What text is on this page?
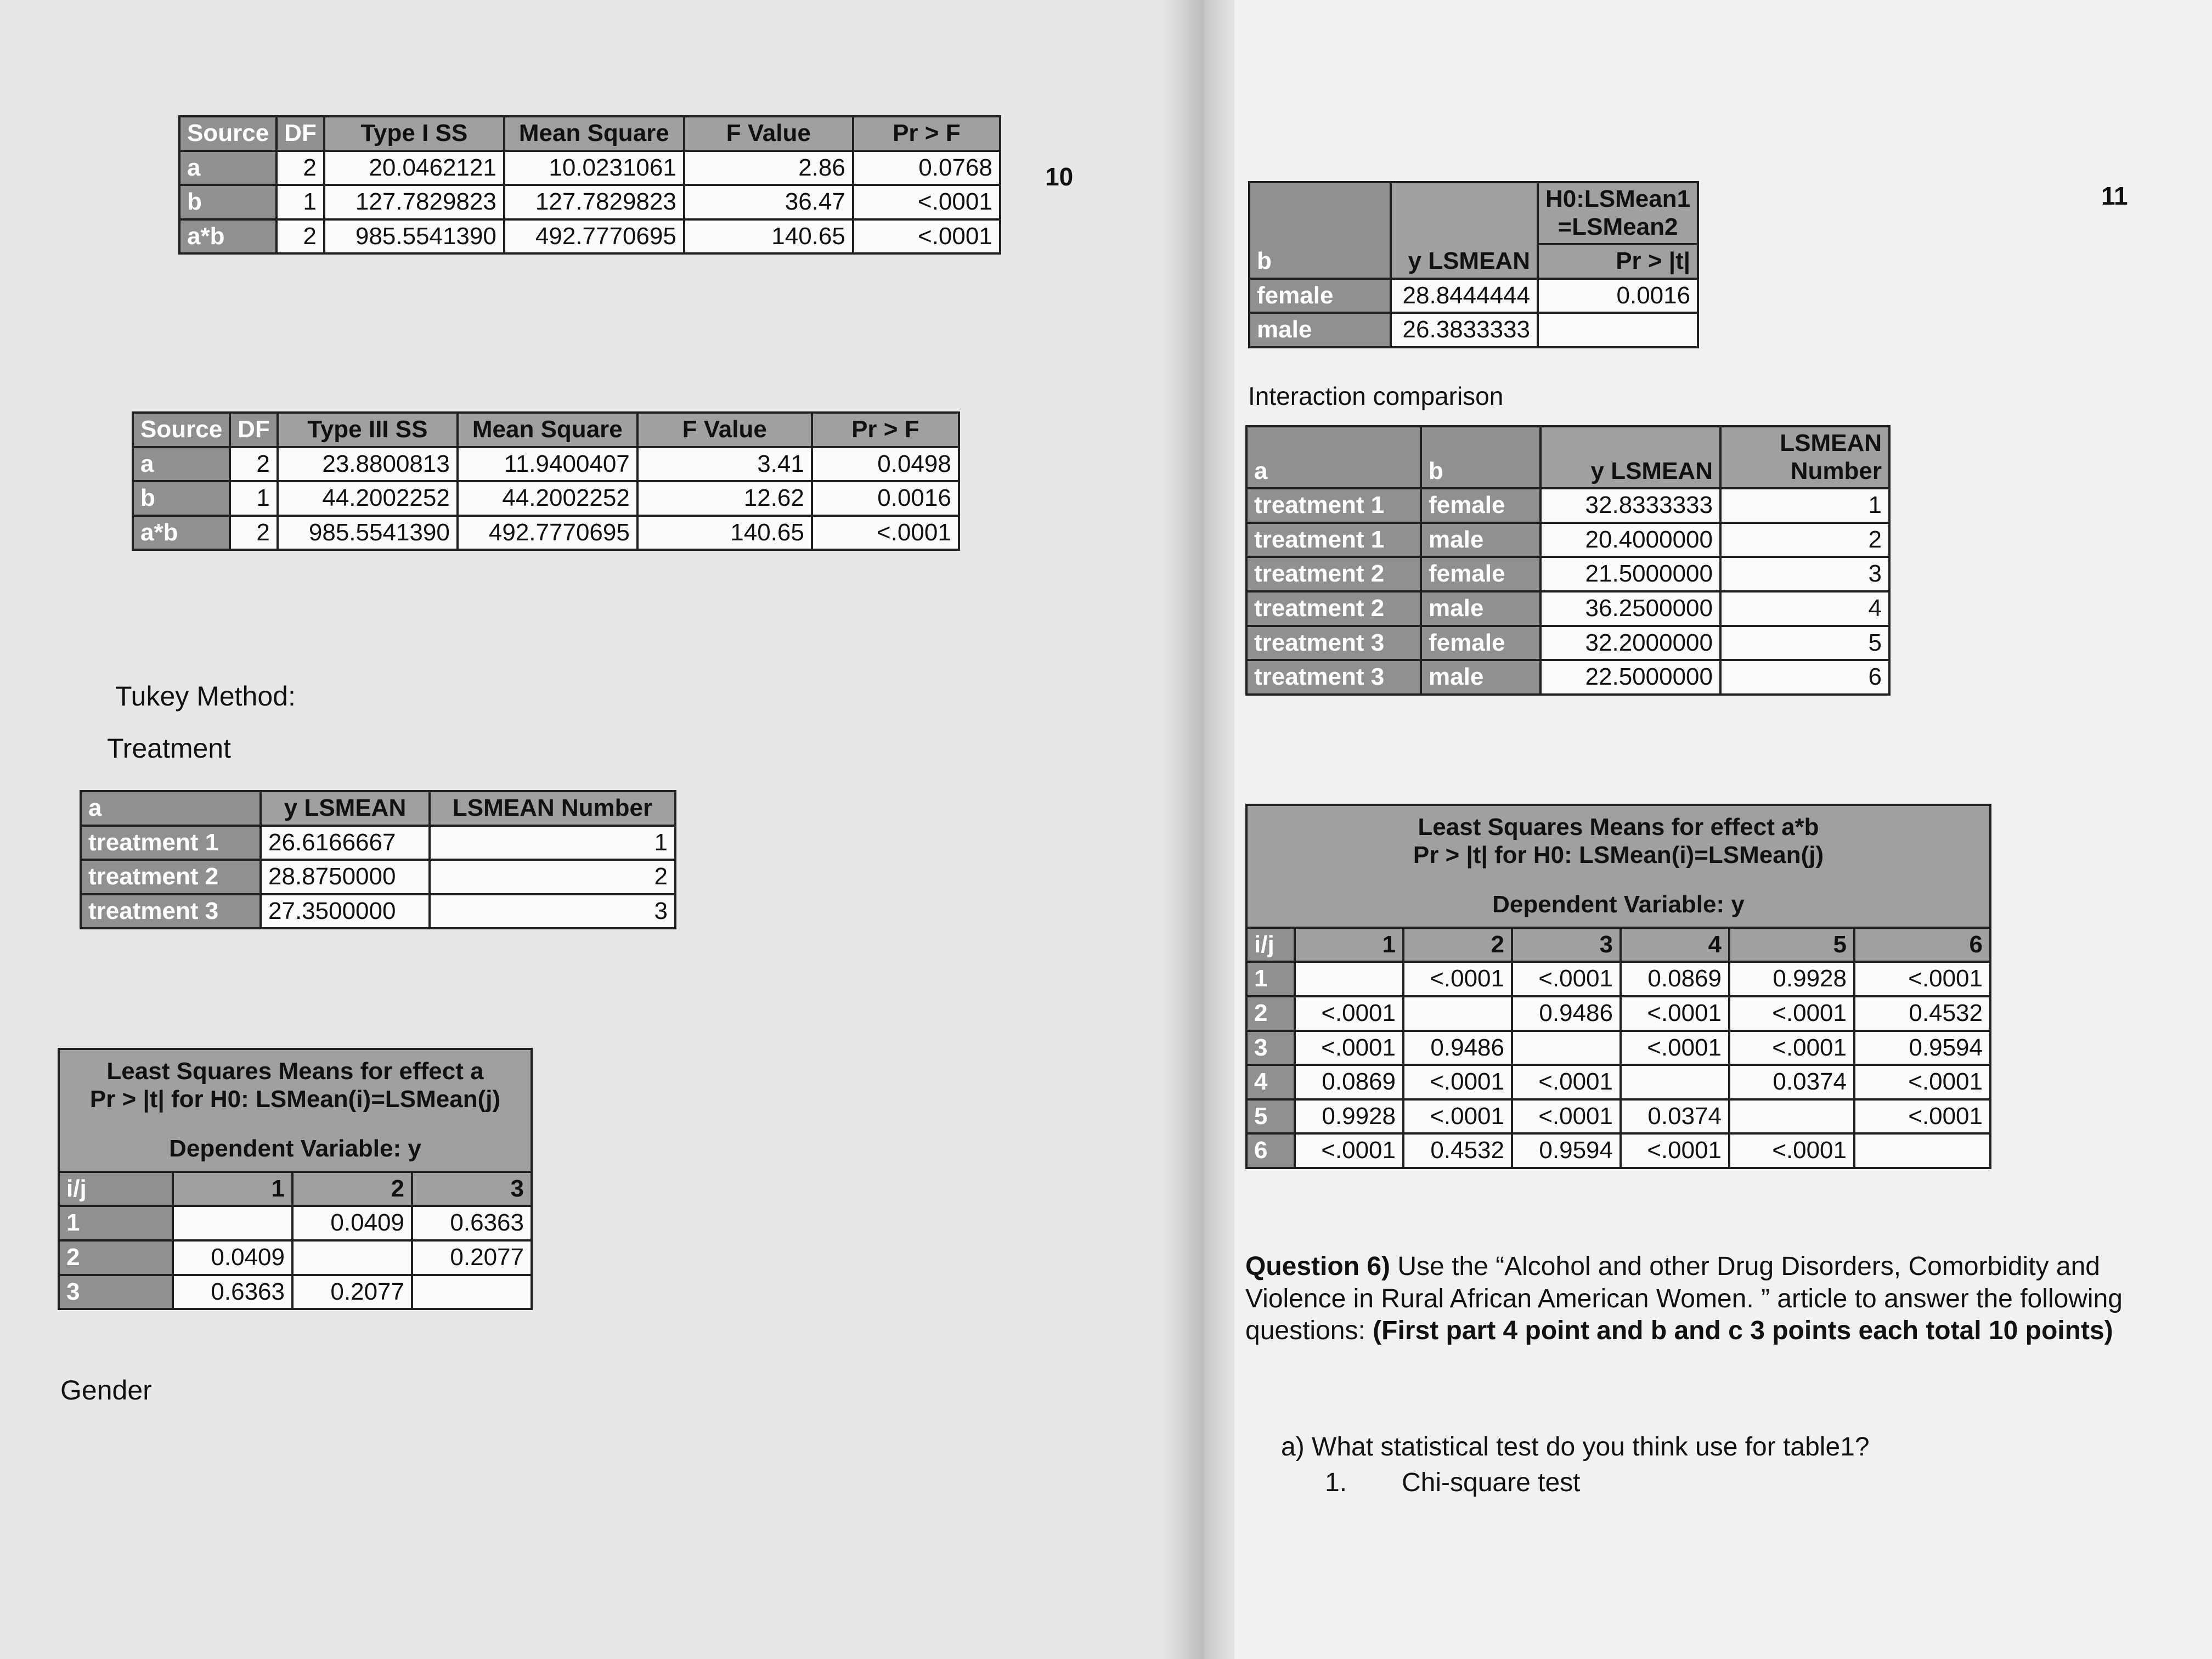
10
11
Source	DF	Type I SS	Mean Square	F Value	Pr > F
a	2	20.0462121	10.0231061	2.86	0.0768
b	1	127.7829823	127.7829823	36.47	<.0001
a*b	2	985.5541390	492.7770695	140.65	<.0001
Source	DF	Type III SS	Mean Square	F Value	Pr > F
a	2	23.8800813	11.9400407	3.41	0.0498
b	1	44.2002252	44.2002252	12.62	0.0016
a*b	2	985.5541390	492.7770695	140.65	<.0001
Tukey Method:
Treatment
a	y LSMEAN	LSMEAN Number
treatment 1	26.6166667	1
treatment 2	28.8750000	2
treatment 3	27.3500000	3
Least Squares Means for effect a
Pr > |t| for H0: LSMean(i)=LSMean(j)
Dependent Variable: y			

i/j	1	2	3
1		0.0409	0.6363
2	0.0409		0.2077
3	0.6363	0.2077	
Gender
b	y LSMEAN	H0:LSMean1 =LSMean2
		Pr > |t|
female	28.8444444	0.0016
male	26.3833333	
Interaction comparison
a	b	y LSMEAN	LSMEAN Number
treatment 1	female	32.8333333	1
treatment 1	male	20.4000000	2
treatment 2	female	21.5000000	3
treatment 2	male	36.2500000	4
treatment 3	female	32.2000000	5
treatment 3	male	22.5000000	6
Least Squares Means for effect a*b
Pr > |t| for H0: LSMean(i)=LSMean(j)
Dependent Variable: y						

i/j	1	2	3	4	5	6
1		<.0001	<.0001	0.0869	0.9928	<.0001
2	<.0001		0.9486	<.0001	<.0001	0.4532
3	<.0001	0.9486		<.0001	<.0001	0.9594
4	0.0869	<.0001	<.0001		0.0374	<.0001
5	0.9928	<.0001	<.0001	0.0374		<.0001
6	<.0001	0.4532	0.9594	<.0001	<.0001	
Question 6) Use the “Alcohol and other Drug Disorders, Comorbidity and Violence in Rural African American Women. ” article to answer the following questions: (First part 4 point and b and c 3 points each total 10 points)
a) What statistical test do you think use for table1?
1. Chi-square test
